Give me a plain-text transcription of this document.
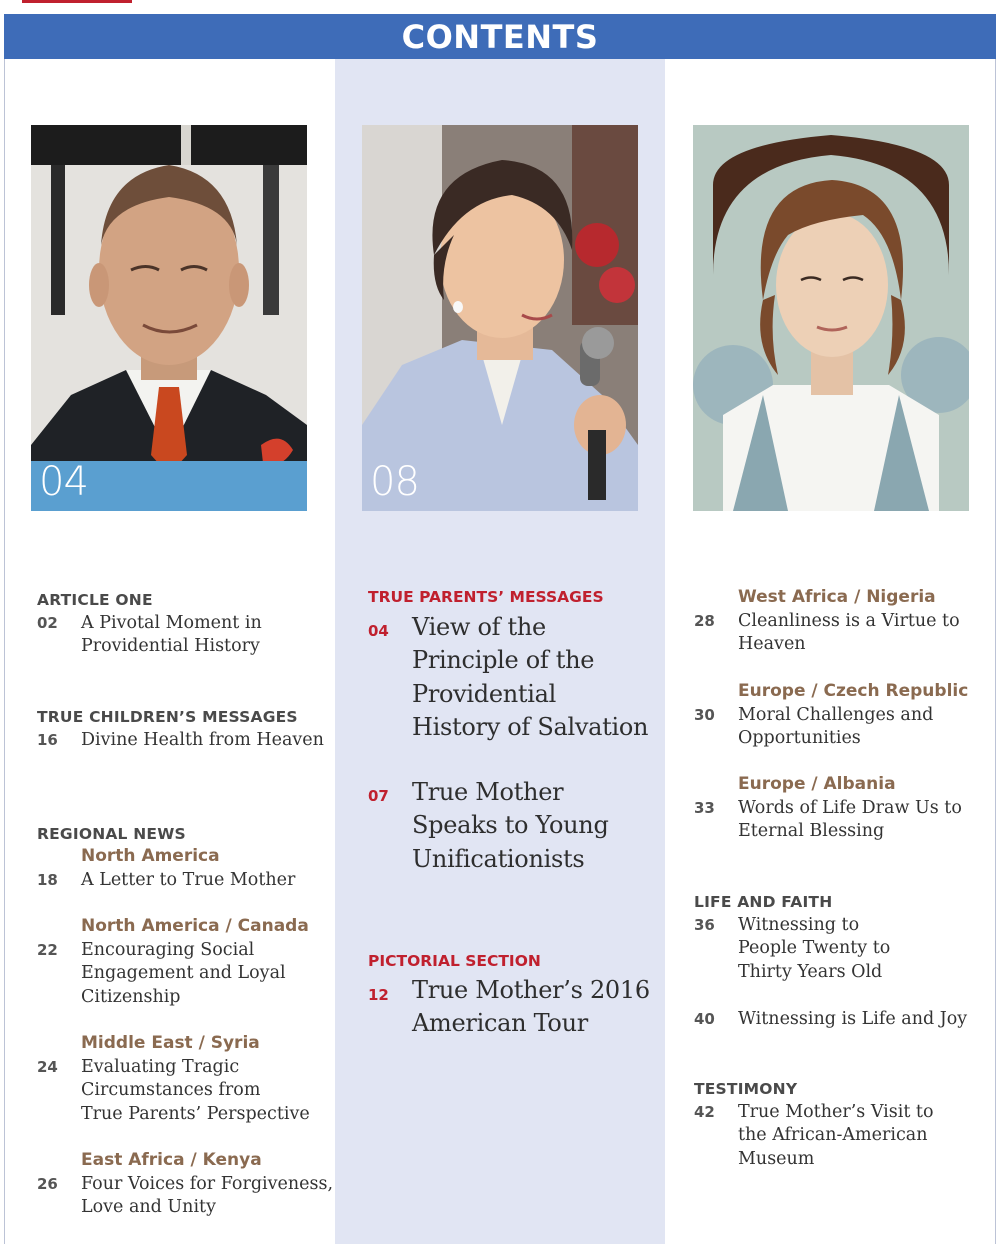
CONTENTS
04	08
ARTICLE ONE
02 A Pivotal Moment in
Providential History
TRUE CHILDREN’S MESSAGES
16 Divine Health from Heaven
REGIONAL NEWS
North America
18 A Letter to True Mother
North America / Canada
22 Encouraging Social
Engagement and Loyal
Citizenship
Middle East / Syria
24 Evaluating Tragic
Circumstances from
True Parents’ Perspective
East Africa / Kenya
26 Four Voices for Forgiveness,
Love and Unity
TRUE PARENTS’ MESSAGES
04 View of the
Principle of the
Providential
History of Salvation
07 True Mother
Speaks to Young
Unificationists
PICTORIAL SECTION
12 True Mother’s 2016
American Tour
West Africa / Nigeria
28 Cleanliness is a Virtue to
Heaven
Europe / Czech Republic
30 Moral Challenges and
Opportunities
Europe / Albania
33 Words of Life Draw Us to
Eternal Blessing
LIFE AND FAITH
36 Witnessing to
People Twenty to
Thirty Years Old
40 Witnessing is Life and Joy
TESTIMONY
42 True Mother’s Visit to
the African-American
Museum
